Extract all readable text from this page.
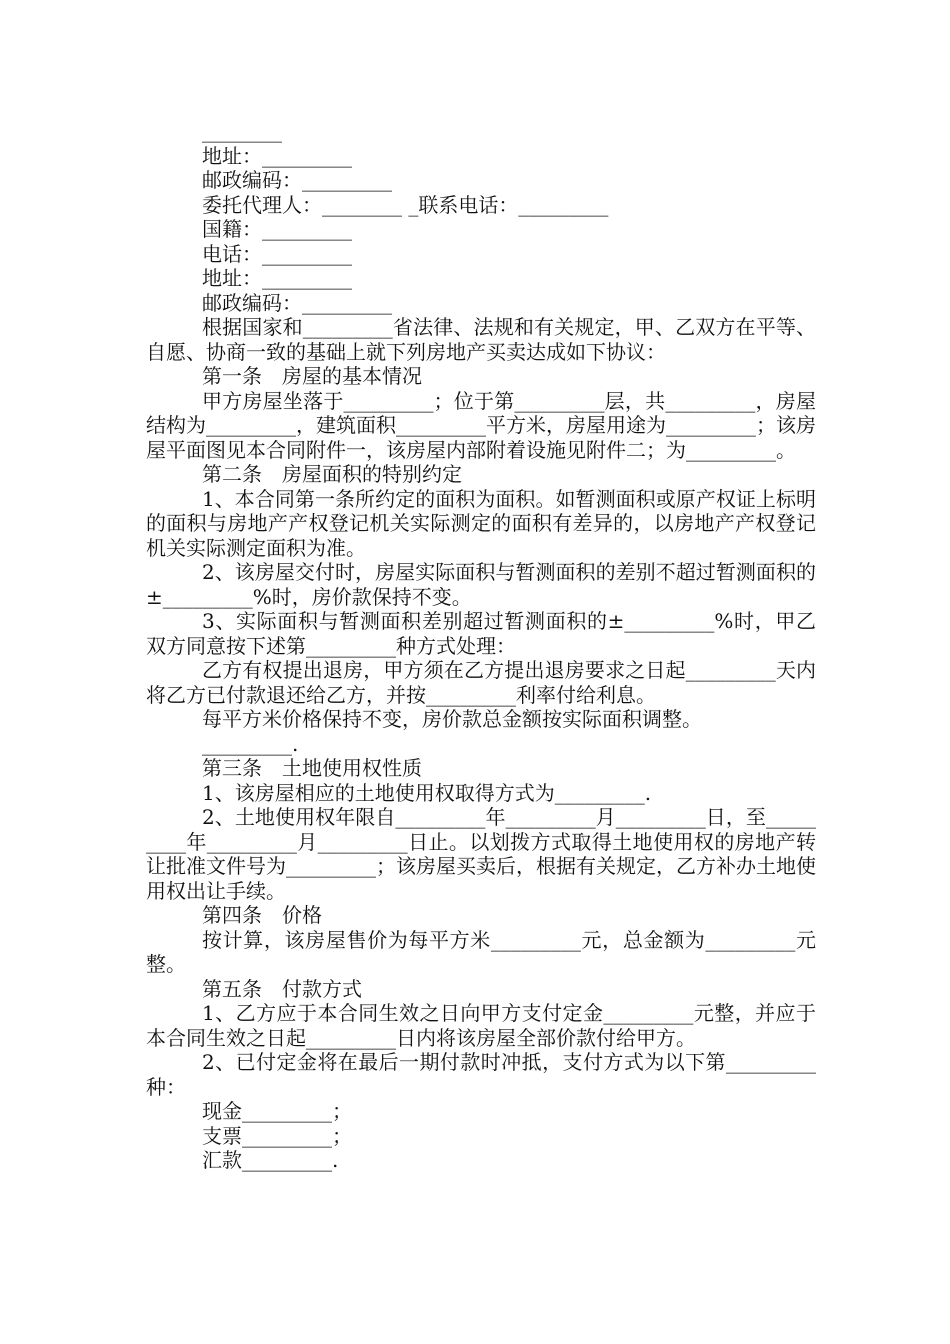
________

地址：_________

邮政编码：_________

委托代理人：________ _联系电话：_________

国籍：_________

电话：_________

地址：_________

邮政编码：_________

根据国家和_________省法律、法规和有关规定，甲、乙双方在平等、自愿、协商一致的基础上就下列房地产买卖达成如下协议：

第一条　房屋的基本情况

甲方房屋坐落于_________；位于第_________层，共_________，房屋结构为_________，建筑面积_________平方米，房屋用途为_________；该房屋平面图见本合同附件一，该房屋内部附着设施见附件二；为_________。

第二条　房屋面积的特别约定

1、本合同第一条所约定的面积为面积。如暂测面积或原产权证上标明的面积与房地产产权登记机关实际测定的面积有差异的，以房地产产权登记机关实际测定面积为准。

2、该房屋交付时，房屋实际面积与暂测面积的差别不超过暂测面积的±_________%时，房价款保持不变。

3、实际面积与暂测面积差别超过暂测面积的±_________%时，甲乙双方同意按下述第_________种方式处理：

乙方有权提出退房，甲方须在乙方提出退房要求之日起_________天内将乙方已付款退还给乙方，并按_________利率付给利息。

每平方米价格保持不变，房价款总金额按实际面积调整。

_________.

第三条　土地使用权性质

1、该房屋相应的土地使用权取得方式为_________.

2、土地使用权年限自_________年_________月_________日，至_________年_________月_________日止。以划拨方式取得土地使用权的房地产转让批准文件号为_________；该房屋买卖后，根据有关规定，乙方补办土地使用权出让手续。

第四条　价格

按计算，该房屋售价为每平方米_________元，总金额为_________元整。

第五条　付款方式

1、乙方应于本合同生效之日向甲方支付定金_________元整，并应于本合同生效之日起_________日内将该房屋全部价款付给甲方。

2、已付定金将在最后一期付款时冲抵，支付方式为以下第_________种：

现金_________；

支票_________；

汇款_________.
